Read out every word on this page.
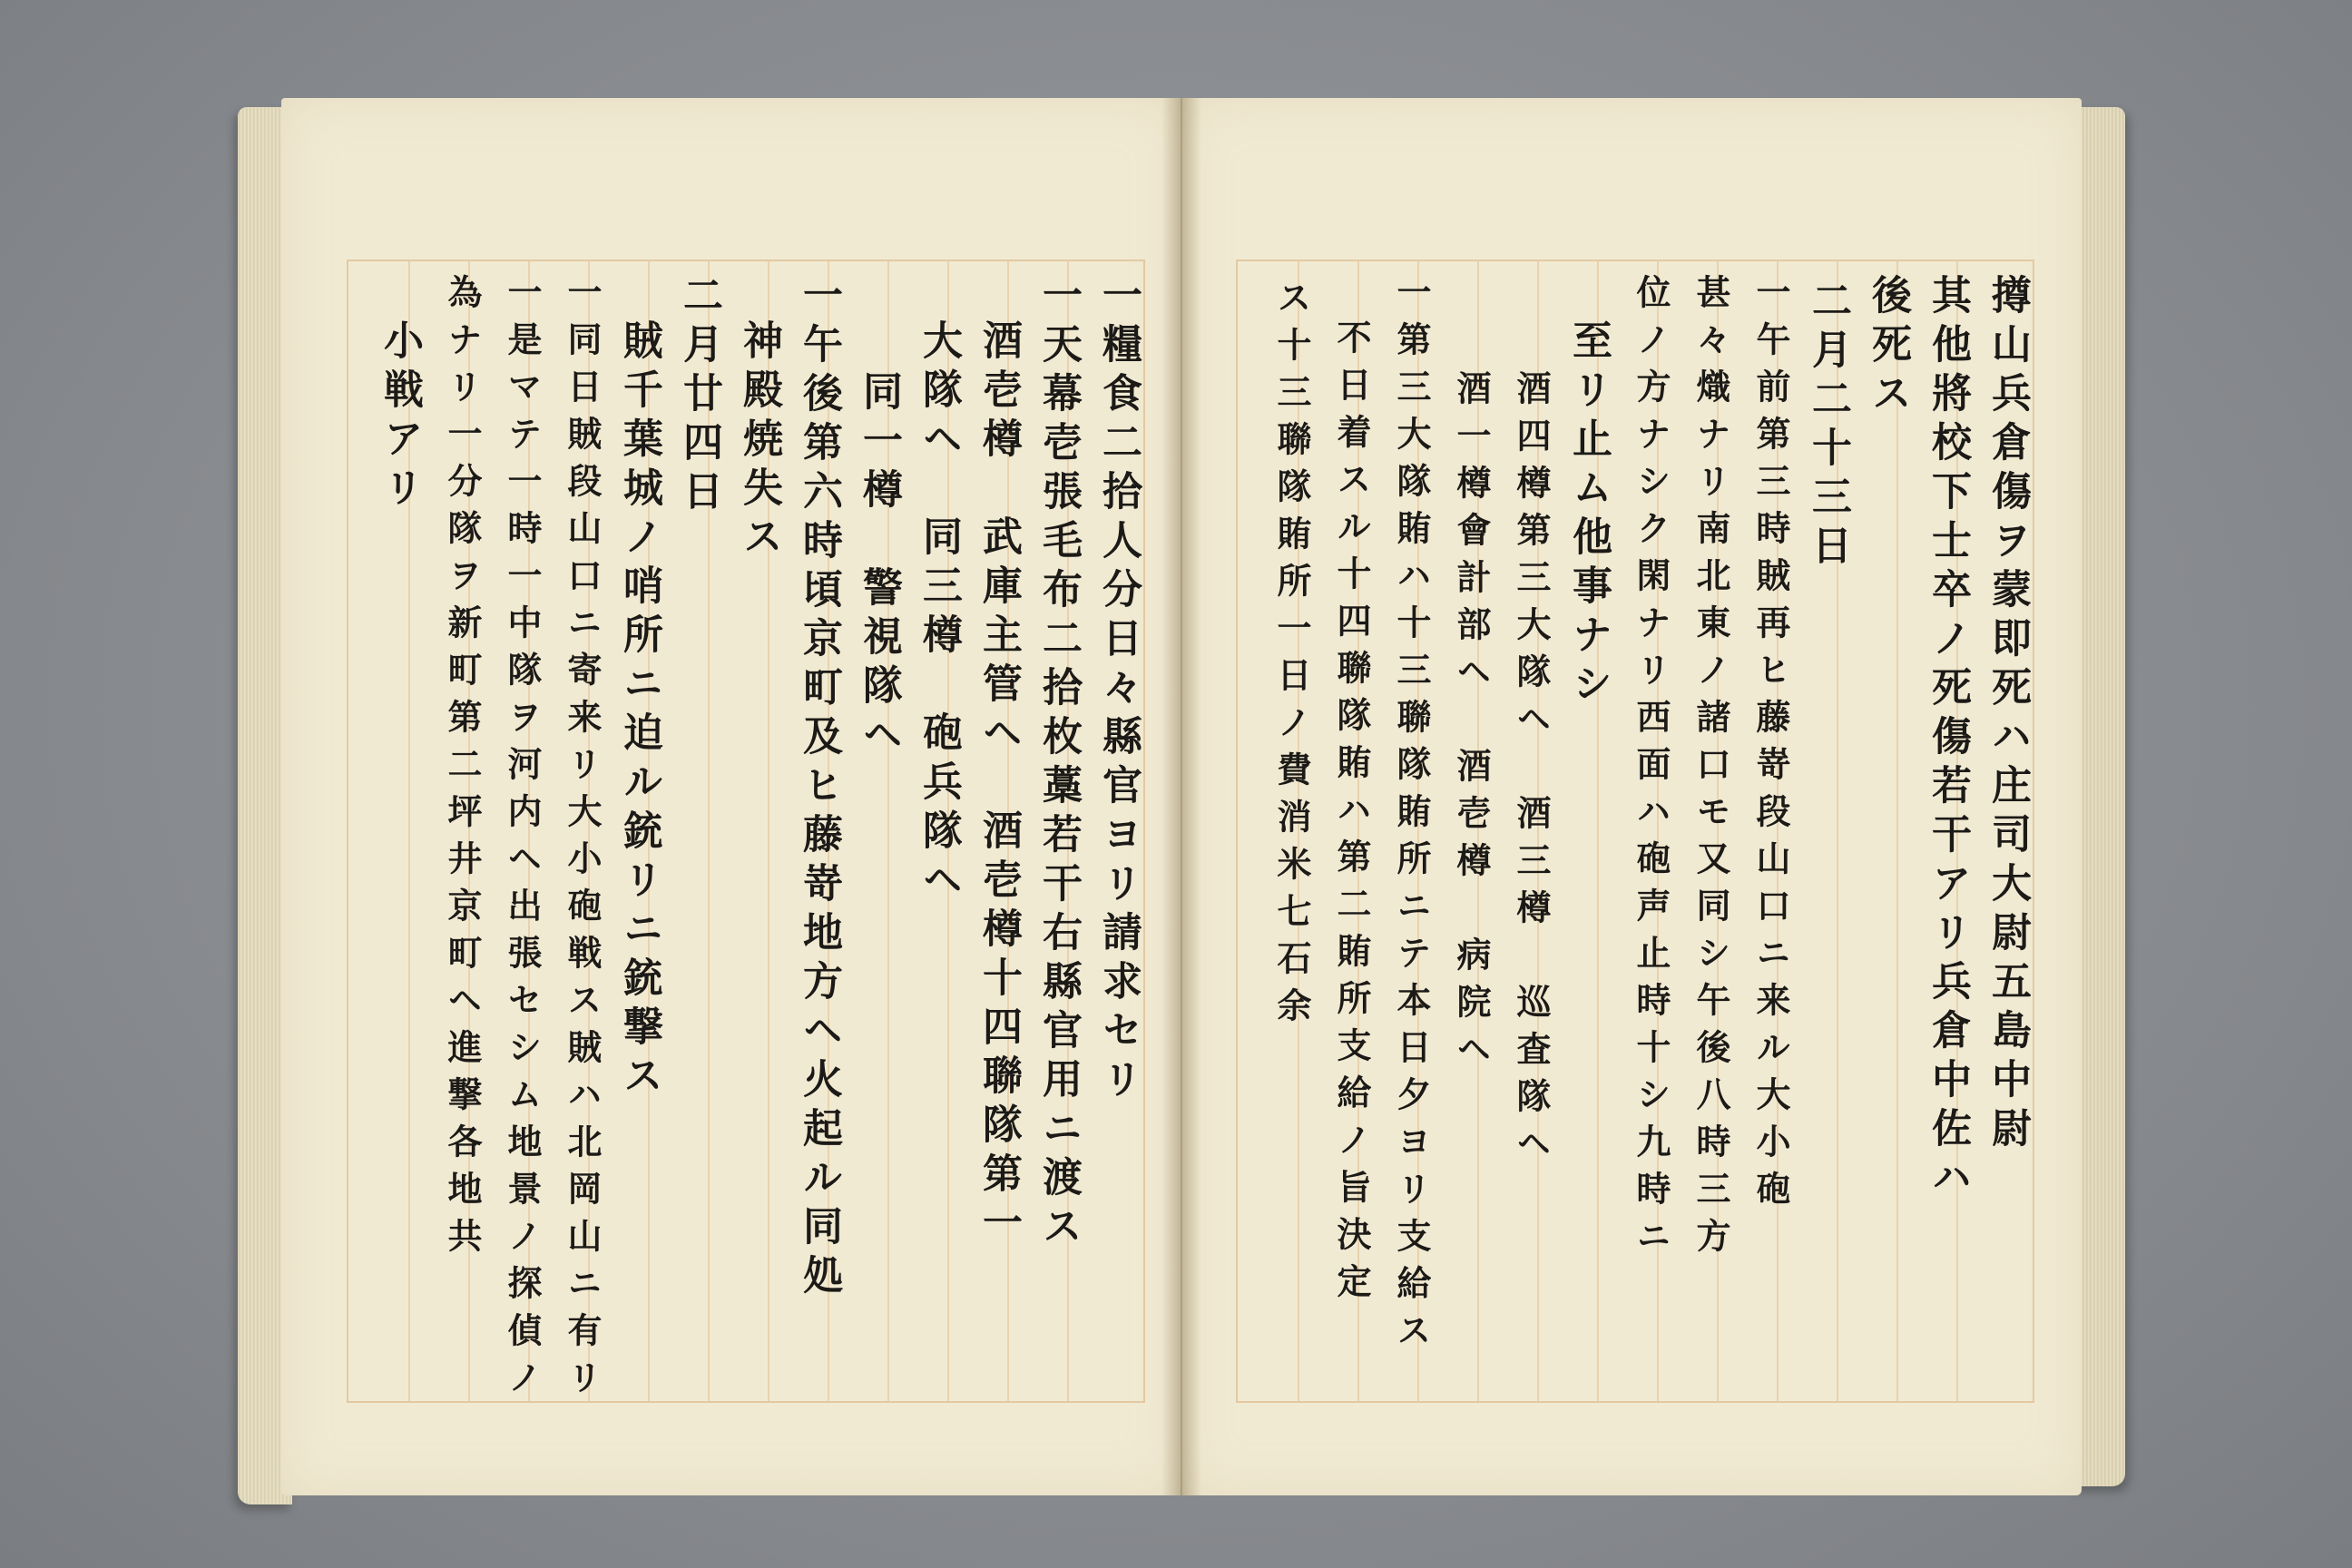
一糧食二拾人分日々縣官ヨリ請求セリ
一天幕壱張毛布二拾枚藁若干右縣官用ニ渡ス
酒壱樽　武庫主管ヘ　酒壱樽十四聯隊第一
大隊ヘ　同三樽　砲兵隊ヘ
同一樽　警視隊ヘ
一午後第六時頃京町及ヒ藤嵜地方ヘ火起ル同処
神殿焼失ス
二月廿四日
賊千葉城ノ哨所ニ迫ル銃リニ銃撃ス
一同日賊段山口ニ寄来リ大小砲戦ス賊ハ北岡山ニ有リ
一是マテ一時一中隊ヲ河内ヘ出張セシム地景ノ探偵ノ
為ナリ一分隊ヲ新町第二坪井京町ヘ進撃各地共
小戦アリ	撙山兵倉傷ヲ蒙即死ハ庄司大尉五島中尉
其他將校下士卒ノ死傷若干アリ兵倉中佐ハ
後死ス
二月二十三日
一午前第三時賊再ヒ藤嵜段山口ニ来ル大小砲
甚々熾ナリ南北東ノ諸口モ又同シ午後八時三方
位ノ方ナシク閑ナリ西面ハ砲声止時十シ九時ニ
至リ止ム他事ナシ
酒四樽第三大隊ヘ　酒三樽　巡査隊ヘ
酒一樽會計部ヘ　酒壱樽　病院ヘ
一第三大隊賄ハ十三聯隊賄所ニテ本日夕ヨリ支給ス
不日着スル十四聯隊賄ハ第二賄所支給ノ旨決定
ス十三聯隊賄所一日ノ費消米七石余
